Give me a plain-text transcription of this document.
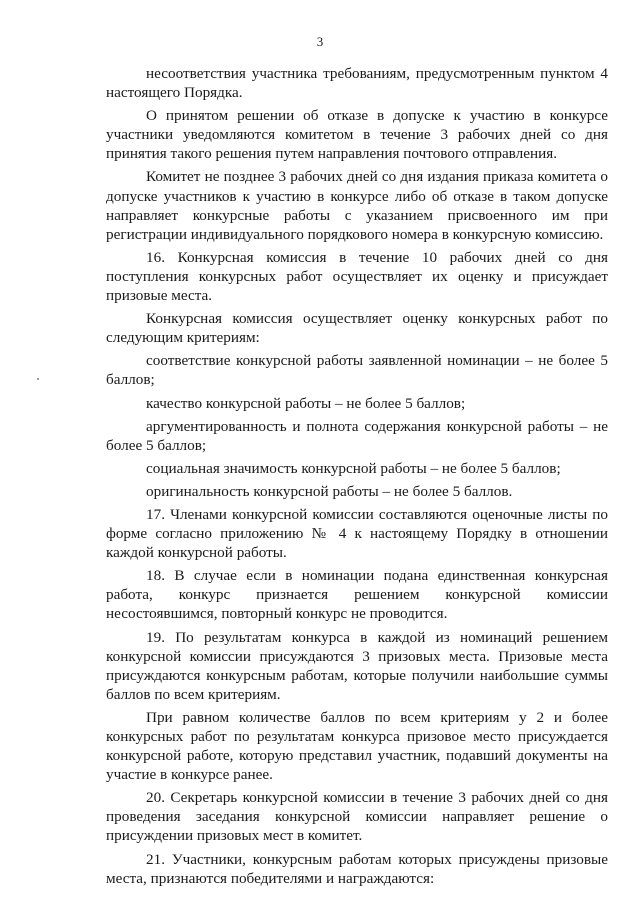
3

несоответствия участника требованиям, предусмотренным пунктом 4 настоящего Порядка.

О принятом решении об отказе в допуске к участию в конкурсе участники уведомляются комитетом в течение 3 рабочих дней со дня принятия такого решения путем направления почтового отправления.

Комитет не позднее 3 рабочих дней со дня издания приказа комитета о допуске участников к участию в конкурсе либо об отказе в таком допуске направляет конкурсные работы с указанием присвоенного им при регистрации индивидуального порядкового номера в конкурсную комиссию.

16. Конкурсная комиссия в течение 10 рабочих дней со дня поступления конкурсных работ осуществляет их оценку и присуждает призовые места.

Конкурсная комиссия осуществляет оценку конкурсных работ по следующим критериям:

соответствие конкурсной работы заявленной номинации – не более 5 баллов;

качество конкурсной работы – не более 5 баллов;

аргументированность и полнота содержания конкурсной работы – не более 5 баллов;

социальная значимость конкурсной работы – не более 5 баллов;

оригинальность конкурсной работы – не более 5 баллов.

17. Членами конкурсной комиссии составляются оценочные листы по форме согласно приложению № 4 к настоящему Порядку в отношении каждой конкурсной работы.

18. В случае если в номинации подана единственная конкурсная работа, конкурс признается решением конкурсной комиссии несостоявшимся, повторный конкурс не проводится.

19. По результатам конкурса в каждой из номинаций решением конкурсной комиссии присуждаются 3 призовых места. Призовые места присуждаются конкурсным работам, которые получили наибольшие суммы баллов по всем критериям.

При равном количестве баллов по всем критериям у 2 и более конкурсных работ по результатам конкурса призовое место присуждается конкурсной работе, которую представил участник, подавший документы на участие в конкурсе ранее.

20. Секретарь конкурсной комиссии в течение 3 рабочих дней со дня проведения заседания конкурсной комиссии направляет решение о присуждении призовых мест в комитет.

21. Участники, конкурсным работам которых присуждены призовые места, признаются победителями и награждаются:
